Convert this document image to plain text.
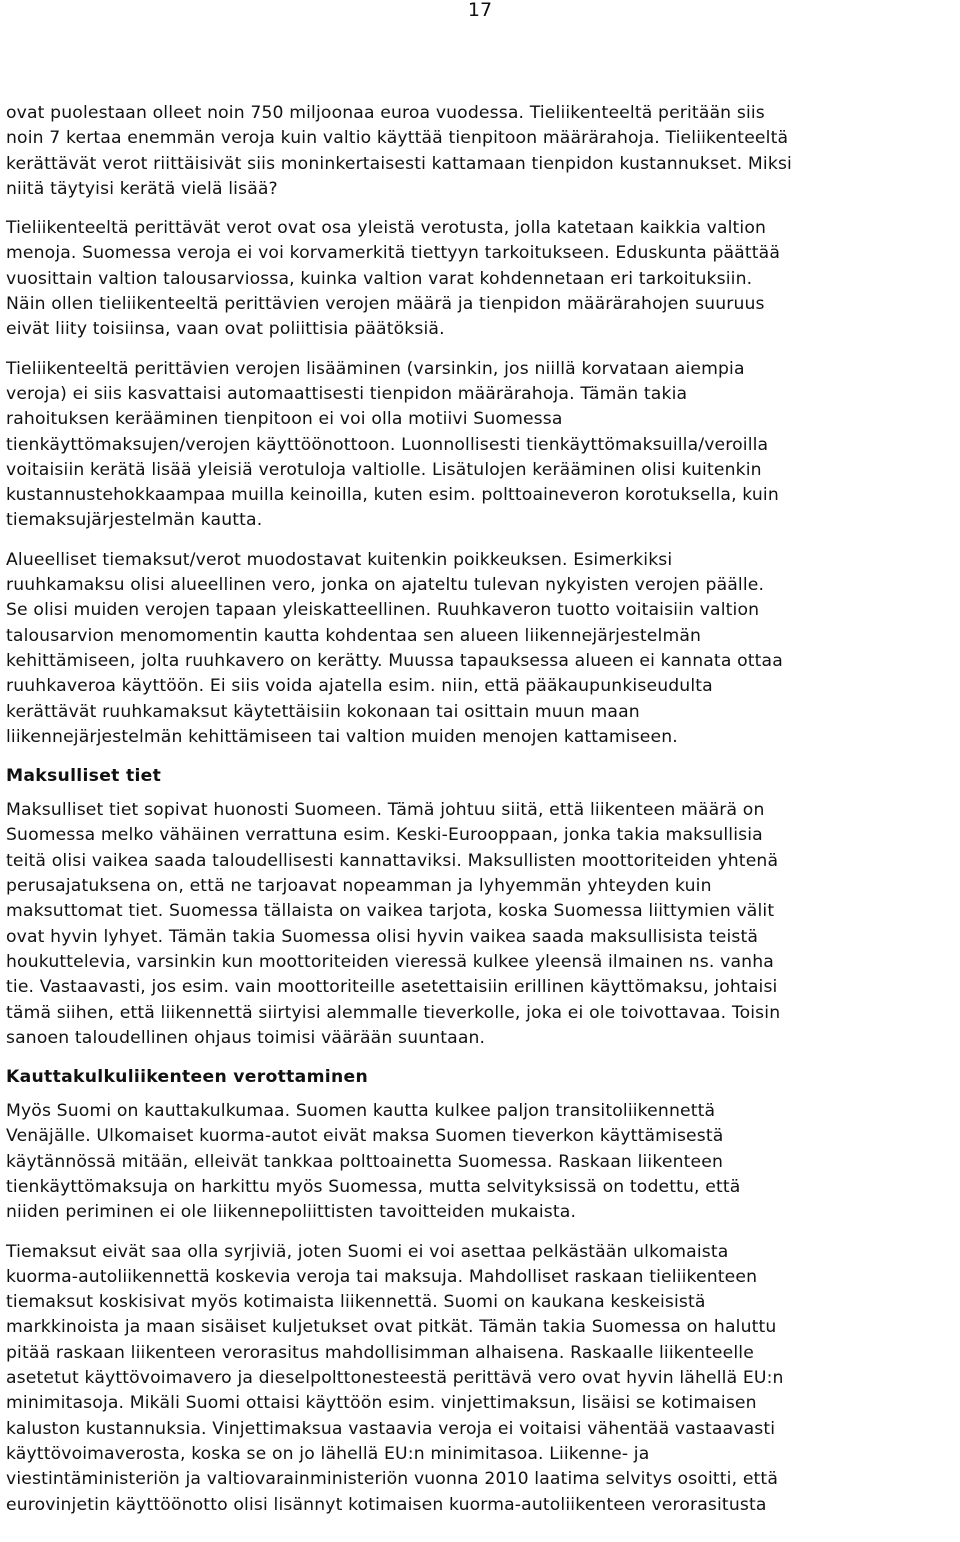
17

ovat puolestaan olleet noin 750 miljoonaa euroa vuodessa. Tieliikenteeltä peritään siis
noin 7 kertaa enemmän veroja kuin valtio käyttää tienpitoon määrärahoja. Tieliikenteeltä
kerättävät verot riittäisivät siis moninkertaisesti kattamaan tienpidon kustannukset. Miksi
niitä täytyisi kerätä vielä lisää?

Tieliikenteeltä perittävät verot ovat osa yleistä verotusta, jolla katetaan kaikkia valtion
menoja. Suomessa veroja ei voi korvamerkitä tiettyyn tarkoitukseen. Eduskunta päättää
vuosittain valtion talousarviossa, kuinka valtion varat kohdennetaan eri tarkoituksiin.
Näin ollen tieliikenteeltä perittävien verojen määrä ja tienpidon määrärahojen suuruus
eivät liity toisiinsa, vaan ovat poliittisia päätöksiä.

Tieliikenteeltä perittävien verojen lisääminen (varsinkin, jos niillä korvataan aiempia
veroja) ei siis kasvattaisi automaattisesti tienpidon määrärahoja. Tämän takia
rahoituksen kerääminen tienpitoon ei voi olla motiivi Suomessa
tienkäyttömaksujen/verojen käyttöönottoon. Luonnollisesti tienkäyttömaksuilla/veroilla
voitaisiin kerätä lisää yleisiä verotuloja valtiolle. Lisätulojen kerääminen olisi kuitenkin
kustannustehokkaampaa muilla keinoilla, kuten esim. polttoaineveron korotuksella, kuin
tiemaksujärjestelmän kautta.

Alueelliset tiemaksut/verot muodostavat kuitenkin poikkeuksen. Esimerkiksi
ruuhkamaksu olisi alueellinen vero, jonka on ajateltu tulevan nykyisten verojen päälle.
Se olisi muiden verojen tapaan yleiskatteellinen. Ruuhkaveron tuotto voitaisiin valtion
talousarvion menomomentin kautta kohdentaa sen alueen liikennejärjestelmän
kehittämiseen, jolta ruuhkavero on kerätty. Muussa tapauksessa alueen ei kannata ottaa
ruuhkaveroa käyttöön. Ei siis voida ajatella esim. niin, että pääkaupunkiseudulta
kerättävät ruuhkamaksut käytettäisiin kokonaan tai osittain muun maan
liikennejärjestelmän kehittämiseen tai valtion muiden menojen kattamiseen.

Maksulliset tiet

Maksulliset tiet sopivat huonosti Suomeen. Tämä johtuu siitä, että liikenteen määrä on
Suomessa melko vähäinen verrattuna esim. Keski-Eurooppaan, jonka takia maksullisia
teitä olisi vaikea saada taloudellisesti kannattaviksi. Maksullisten moottoriteiden yhtenä
perusajatuksena on, että ne tarjoavat nopeamman ja lyhyemmän yhteyden kuin
maksuttomat tiet. Suomessa tällaista on vaikea tarjota, koska Suomessa liittymien välit
ovat hyvin lyhyet. Tämän takia Suomessa olisi hyvin vaikea saada maksullisista teistä
houkuttelevia, varsinkin kun moottoriteiden vieressä kulkee yleensä ilmainen ns. vanha
tie. Vastaavasti, jos esim. vain moottoriteille asetettaisiin erillinen käyttömaksu, johtaisi
tämä siihen, että liikennettä siirtyisi alemmalle tieverkolle, joka ei ole toivottavaa. Toisin
sanoen taloudellinen ohjaus toimisi väärään suuntaan.

Kauttakulkuliikenteen verottaminen

Myös Suomi on kauttakulkumaa. Suomen kautta kulkee paljon transitoliikennettä
Venäjälle. Ulkomaiset kuorma-autot eivät maksa Suomen tieverkon käyttämisestä
käytännössä mitään, elleivät tankkaa polttoainetta Suomessa. Raskaan liikenteen
tienkäyttömaksuja on harkittu myös Suomessa, mutta selvityksissä on todettu, että
niiden periminen ei ole liikennepoliittisten tavoitteiden mukaista.

Tiemaksut eivät saa olla syrjiviä, joten Suomi ei voi asettaa pelkästään ulkomaista
kuorma-autoliikennettä koskevia veroja tai maksuja. Mahdolliset raskaan tieliikenteen
tiemaksut koskisivat myös kotimaista liikennettä. Suomi on kaukana keskeisistä
markkinoista ja maan sisäiset kuljetukset ovat pitkät. Tämän takia Suomessa on haluttu
pitää raskaan liikenteen verorasitus mahdollisimman alhaisena. Raskaalle liikenteelle
asetetut käyttövoimavero ja dieselpolttonesteestä perittävä vero ovat hyvin lähellä EU:n
minimitasoja. Mikäli Suomi ottaisi käyttöön esim. vinjettimaksun, lisäisi se kotimaisen
kaluston kustannuksia. Vinjettimaksua vastaavia veroja ei voitaisi vähentää vastaavasti
käyttövoimaverosta, koska se on jo lähellä EU:n minimitasoa. Liikenne- ja
viestintäministeriön ja valtiovarainministeriön vuonna 2010 laatima selvitys osoitti, että
eurovinjetin käyttöönotto olisi lisännyt kotimaisen kuorma-autoliikenteen verorasitusta
